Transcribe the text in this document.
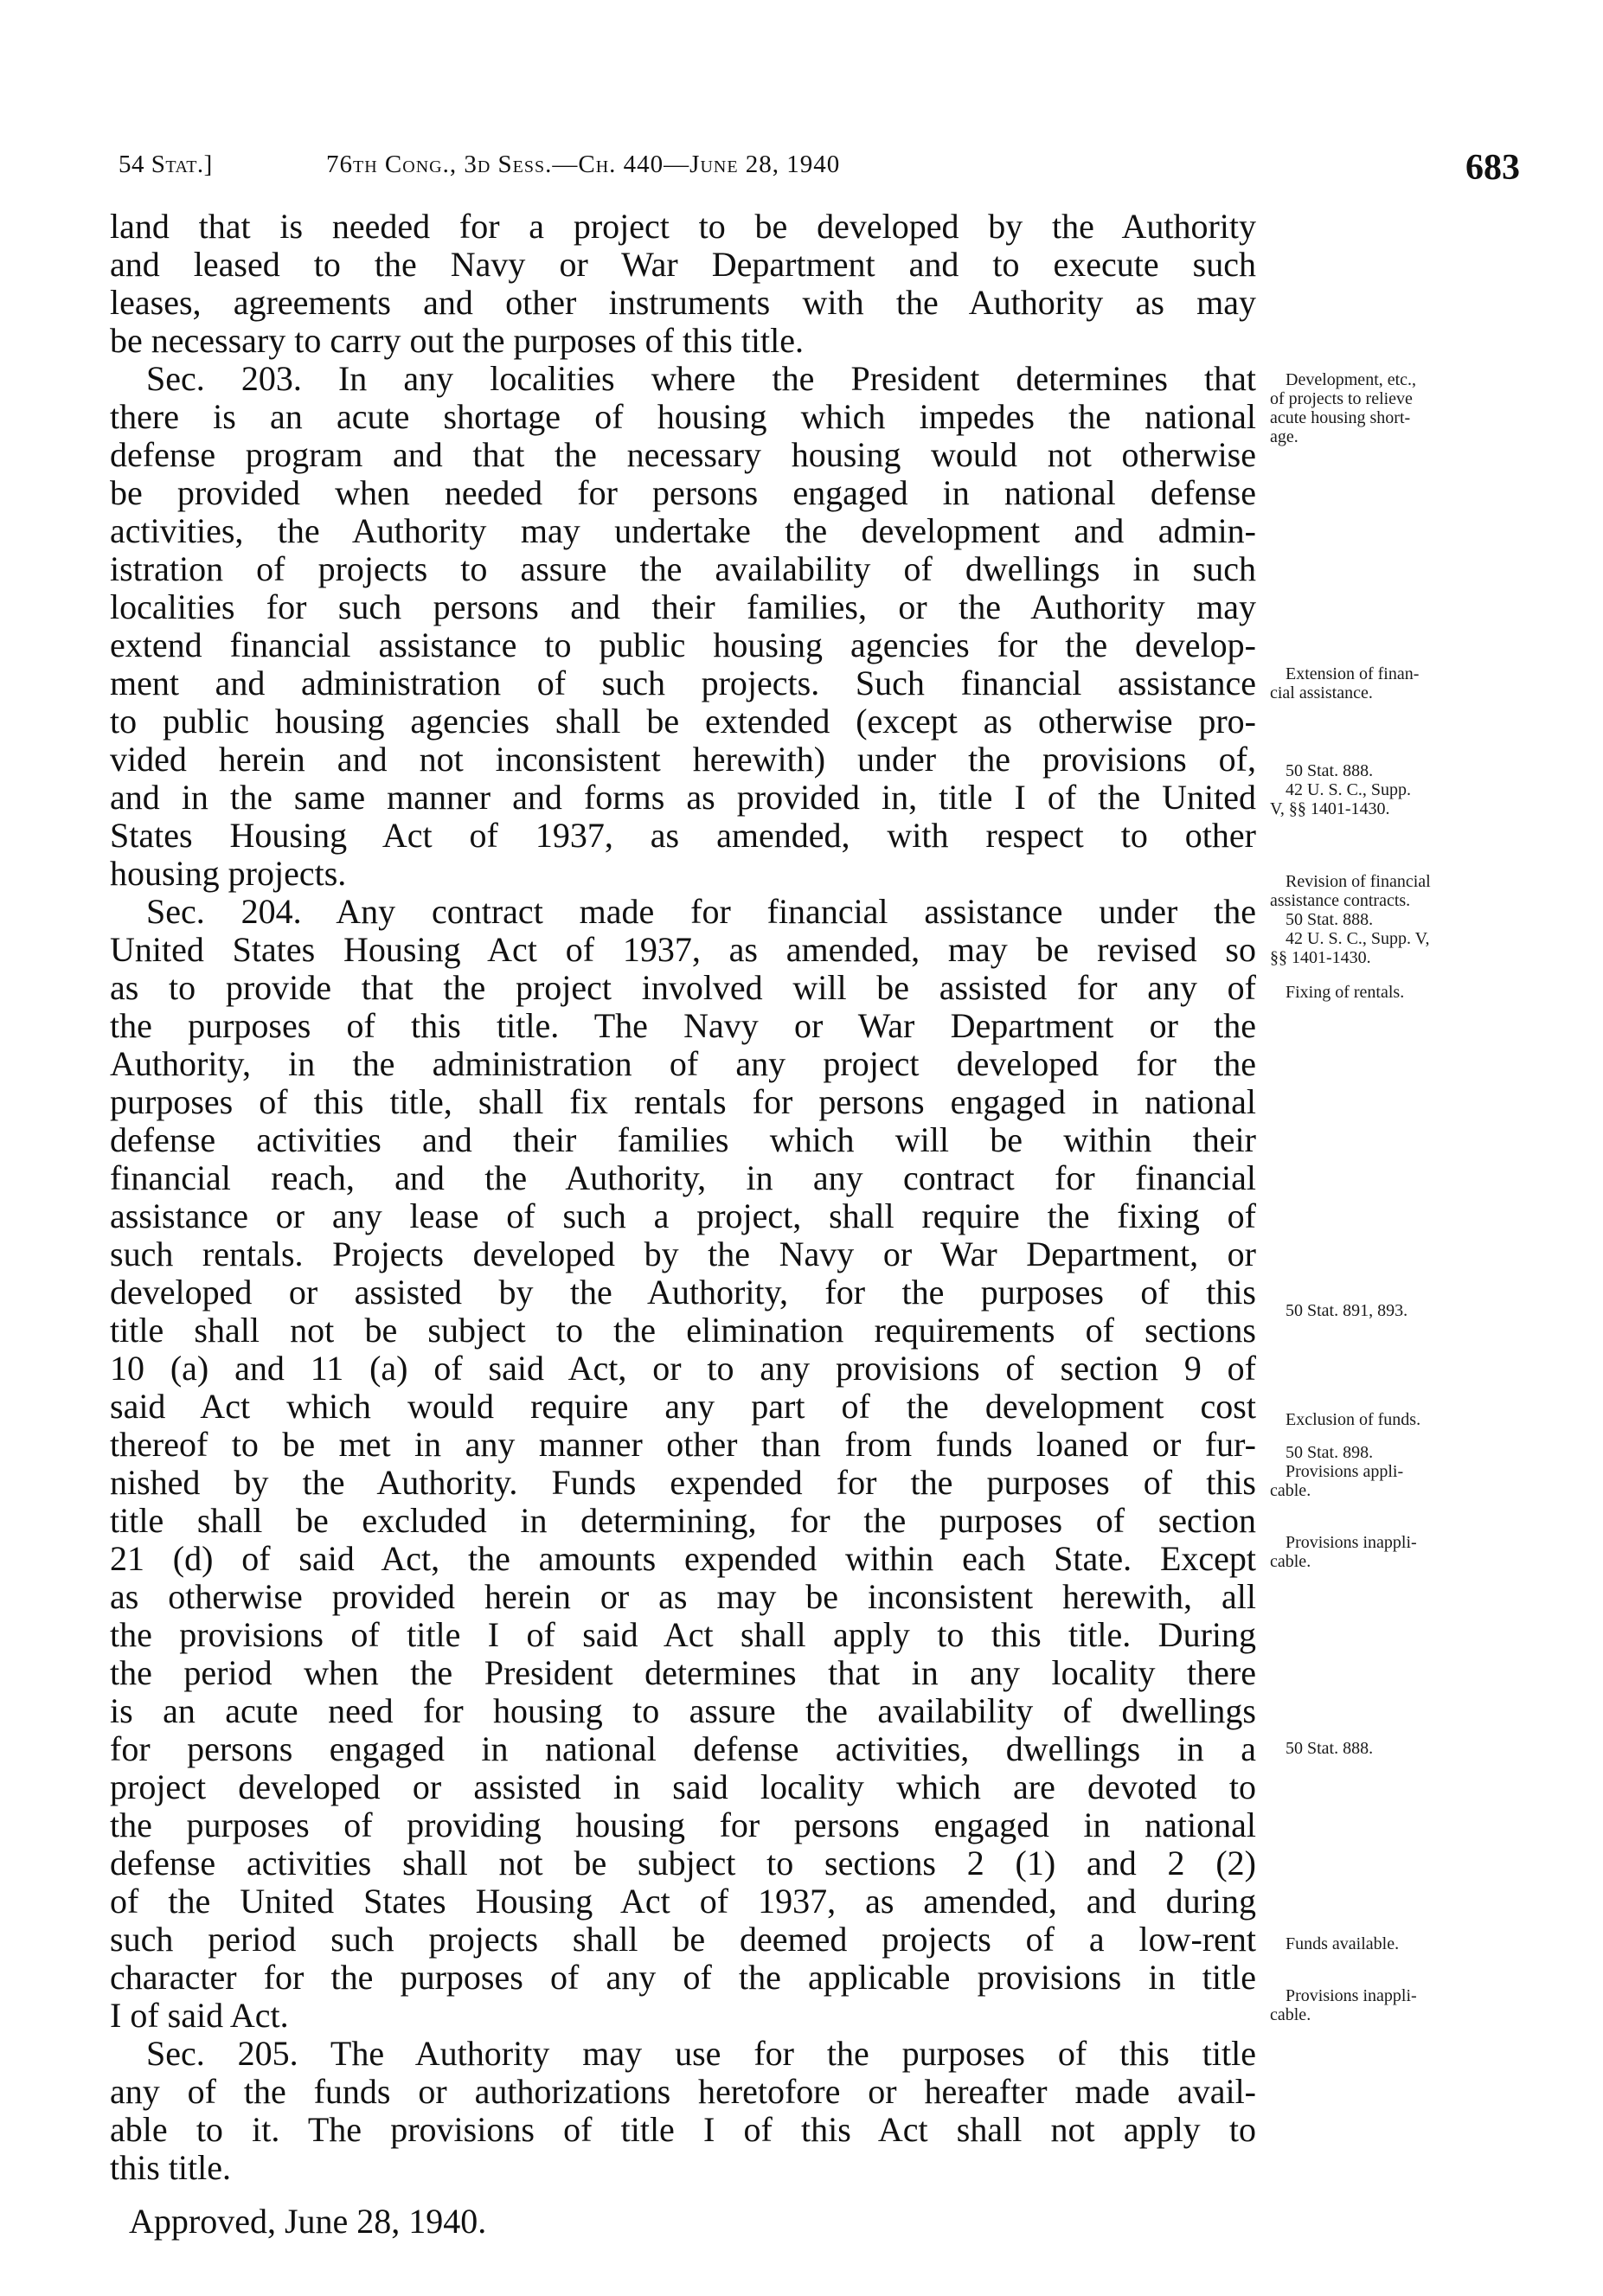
54 Stat.]	76th Cong., 3d Sess.—Ch. 440—June 28, 1940	683
land that is needed for a project to be developed by the Authority
and leased to the Navy or War Department and to execute such
leases, agreements and other instruments with the Authority as may
be necessary to carry out the purposes of this title.
Sec. 203. In any localities where the President determines that
there is an acute shortage of housing which impedes the national
defense program and that the necessary housing would not otherwise
be provided when needed for persons engaged in national defense
activities, the Authority may undertake the development and admin-
istration of projects to assure the availability of dwellings in such
localities for such persons and their families, or the Authority may
extend financial assistance to public housing agencies for the develop-
ment and administration of such projects. Such financial assistance
to public housing agencies shall be extended (except as otherwise pro-
vided herein and not inconsistent herewith) under the provisions of,
and in the same manner and forms as provided in, title I of the United
States Housing Act of 1937, as amended, with respect to other
housing projects.
Sec. 204. Any contract made for financial assistance under the
United States Housing Act of 1937, as amended, may be revised so
as to provide that the project involved will be assisted for any of
the purposes of this title. The Navy or War Department or the
Authority, in the administration of any project developed for the
purposes of this title, shall fix rentals for persons engaged in national
defense activities and their families which will be within their
financial reach, and the Authority, in any contract for financial
assistance or any lease of such a project, shall require the fixing of
such rentals. Projects developed by the Navy or War Department, or
developed or assisted by the Authority, for the purposes of this
title shall not be subject to the elimination requirements of sections
10 (a) and 11 (a) of said Act, or to any provisions of section 9 of
said Act which would require any part of the development cost
thereof to be met in any manner other than from funds loaned or fur-
nished by the Authority. Funds expended for the purposes of this
title shall be excluded in determining, for the purposes of section
21 (d) of said Act, the amounts expended within each State. Except
as otherwise provided herein or as may be inconsistent herewith, all
the provisions of title I of said Act shall apply to this title. During
the period when the President determines that in any locality there
is an acute need for housing to assure the availability of dwellings
for persons engaged in national defense activities, dwellings in a
project developed or assisted in said locality which are devoted to
the purposes of providing housing for persons engaged in national
defense activities shall not be subject to sections 2 (1) and 2 (2)
of the United States Housing Act of 1937, as amended, and during
such period such projects shall be deemed projects of a low-rent
character for the purposes of any of the applicable provisions in title
I of said Act.
Sec. 205. The Authority may use for the purposes of this title
any of the funds or authorizations heretofore or hereafter made avail-
able to it. The provisions of title I of this Act shall not apply to
this title.
Approved, June 28, 1940.
Development, etc.,
of projects to relieve
acute housing short-
age.
Extension of finan-
cial assistance.
50 Stat. 888.
42 U. S. C., Supp.
V, §§ 1401-1430.
Revision of financial
assistance contracts.
50 Stat. 888.
42 U. S. C., Supp. V,
§§ 1401-1430.
Fixing of rentals.
50 Stat. 891, 893.
Exclusion of funds.
50 Stat. 898.
Provisions appli-
cable.
Provisions inappli-
cable.
50 Stat. 888.
Funds available.
Provisions inappli-
cable.
